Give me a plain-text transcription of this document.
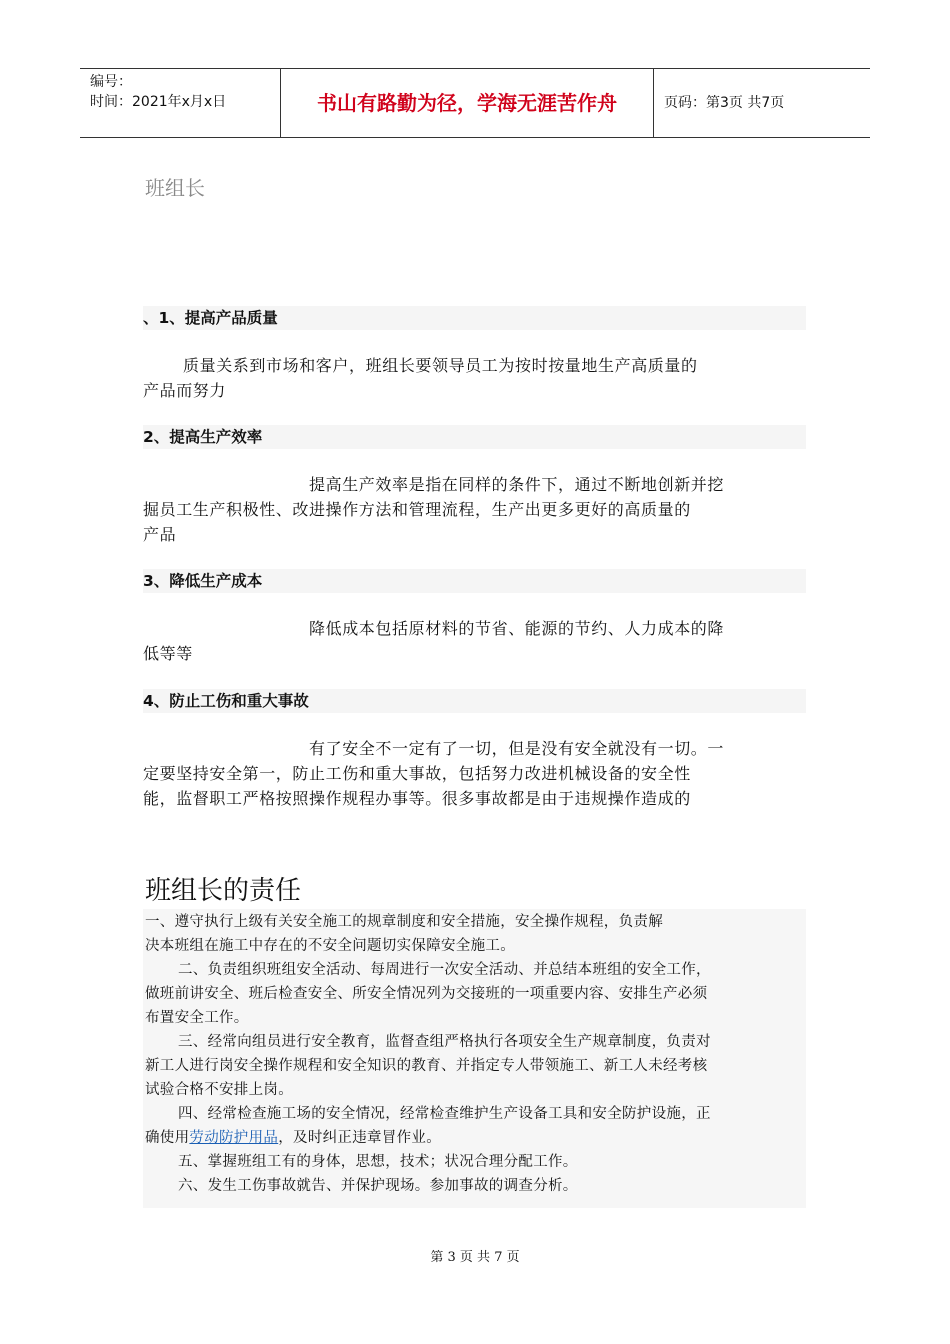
编号：
时间：2021年x月x日	书山有路勤为径，学海无涯苦作舟	页码：第3页 共7页
班组长
、1、提高产品质量
质量关系到市场和客户，班组长要领导员工为按时按量地生产高质量的
产品而努力
2、提高生产效率
提高生产效率是指在同样的条件下，通过不断地创新并挖
掘员工生产积极性、改进操作方法和管理流程，生产出更多更好的高质量的
产品
3、降低生产成本
降低成本包括原材料的节省、能源的节约、人力成本的降
低等等
4、防止工伤和重大事故
有了安全不一定有了一切，但是没有安全就没有一切。一
定要坚持安全第一，防止工伤和重大事故，包括努力改进机械设备的安全性
能，监督职工严格按照操作规程办事等。很多事故都是由于违规操作造成的
班组长的责任
一、遵守执行上级有关安全施工的规章制度和安全措施，安全操作规程，负责解
决本班组在施工中存在的不安全问题切实保障安全施工。
二、负责组织班组安全活动、每周进行一次安全活动、并总结本班组的安全工作，
做班前讲安全、班后检查安全、所安全情况列为交接班的一项重要内容、安排生产必须
布置安全工作。
三、经常向组员进行安全教育，监督查组严格执行各项安全生产规章制度，负责对
新工人进行岗安全操作规程和安全知识的教育、并指定专人带领施工、新工人未经考核
试验合格不安排上岗。
四、经常检查施工场的安全情况，经常检查维护生产设备工具和安全防护设施，正
确使用劳动防护用品，及时纠正违章冒作业。
五、掌握班组工有的身体，思想，技术；状况合理分配工作。
六、发生工伤事故就告、并保护现场。参加事故的调查分析。
第 3 页 共 7 页
